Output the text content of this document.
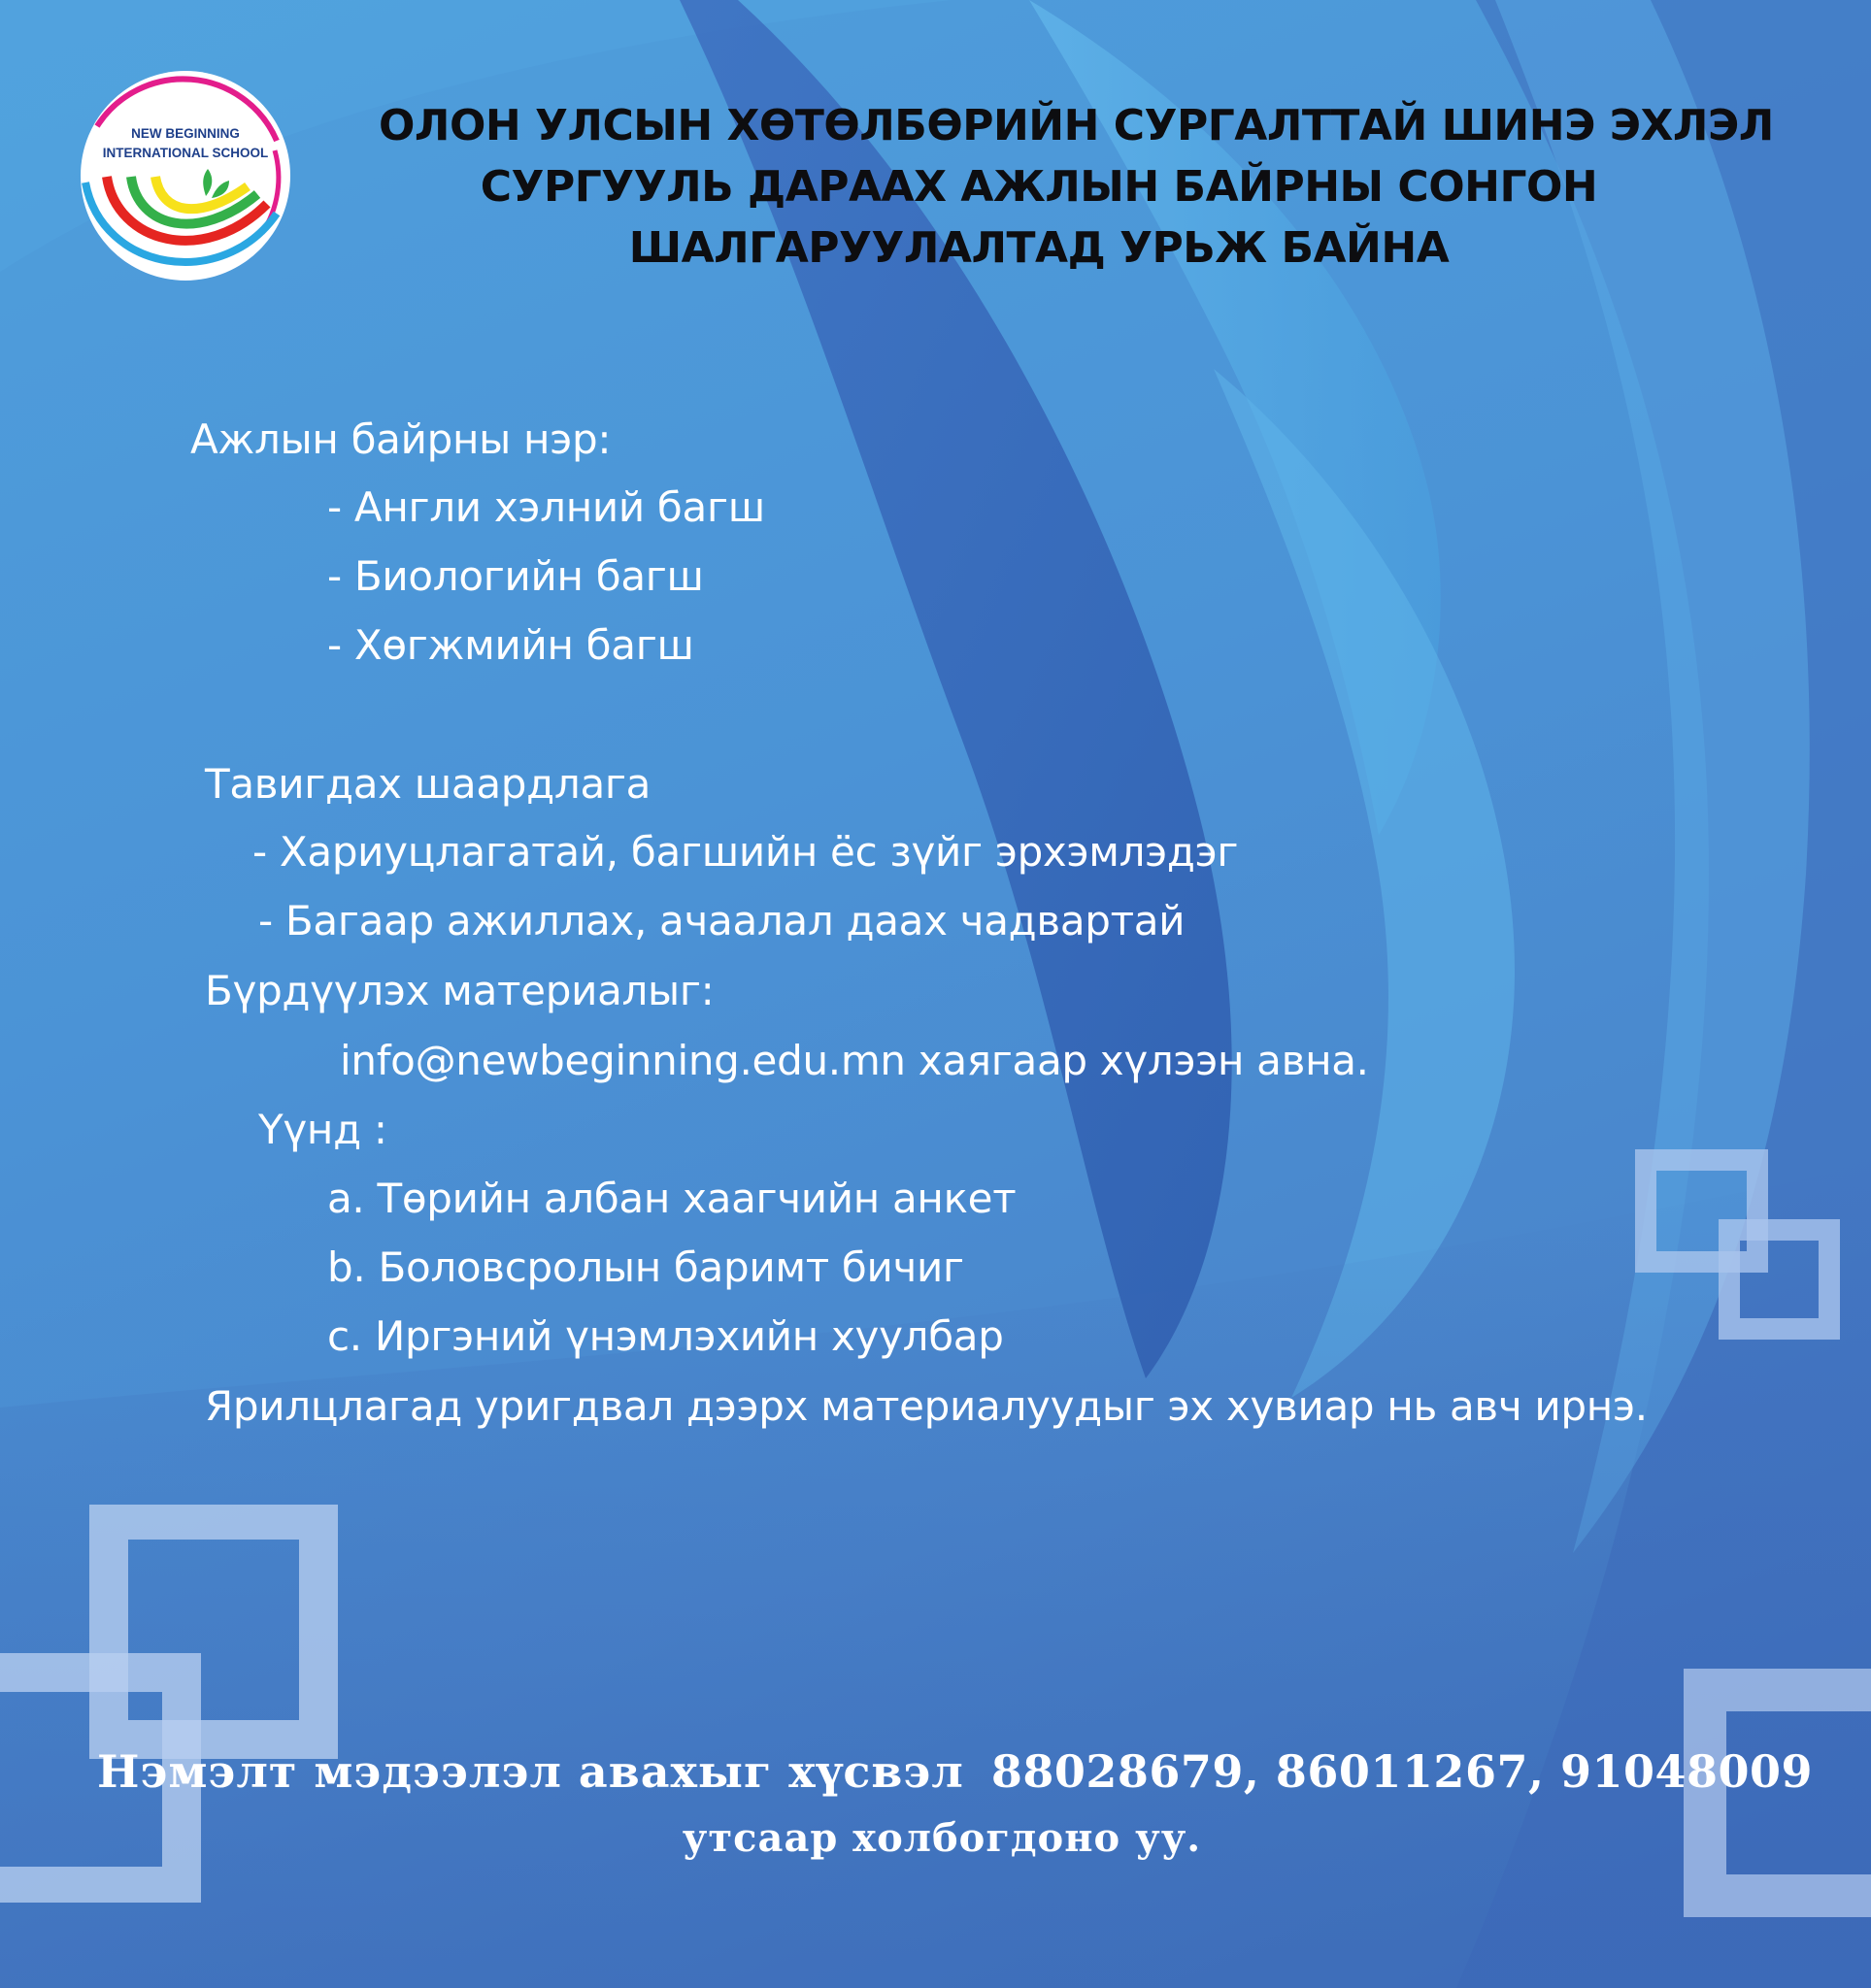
NEW BEGINNING
INTERNATIONAL SCHOOL
ОЛОН УЛСЫН ХӨТӨЛБӨРИЙН СУРГАЛТТАЙ ШИНЭ ЭХЛЭЛ
СУРГУУЛЬ ДАРААХ АЖЛЫН БАЙРНЫ СОНГОН
ШАЛГАРУУЛАЛТАД УРЬЖ БАЙНА
Ажлын байрны нэр:
- Англи хэлний багш
- Биологийн багш
- Хөгжмийн багш
Тавигдах шаардлага
- Хариуцлагатай, багшийн ёс зүйг эрхэмлэдэг
- Багаар ажиллах, ачаалал даах чадвартай
Бүрдүүлэх материалыг:
info@newbeginning.edu.mn хаягаар хүлээн авна.
Үүнд :
a. Төрийн албан хаагчийн анкет
b. Боловсролын баримт бичиг
c. Иргэний үнэмлэхийн хуулбар
Ярилцлагад уригдвал дээрх материалуудыг эх хувиар нь авч ирнэ.
Нэмэлт мэдээлэл авахыг хүсвэл 88028679, 86011267, 91048009
утсаар холбогдоно уу.
